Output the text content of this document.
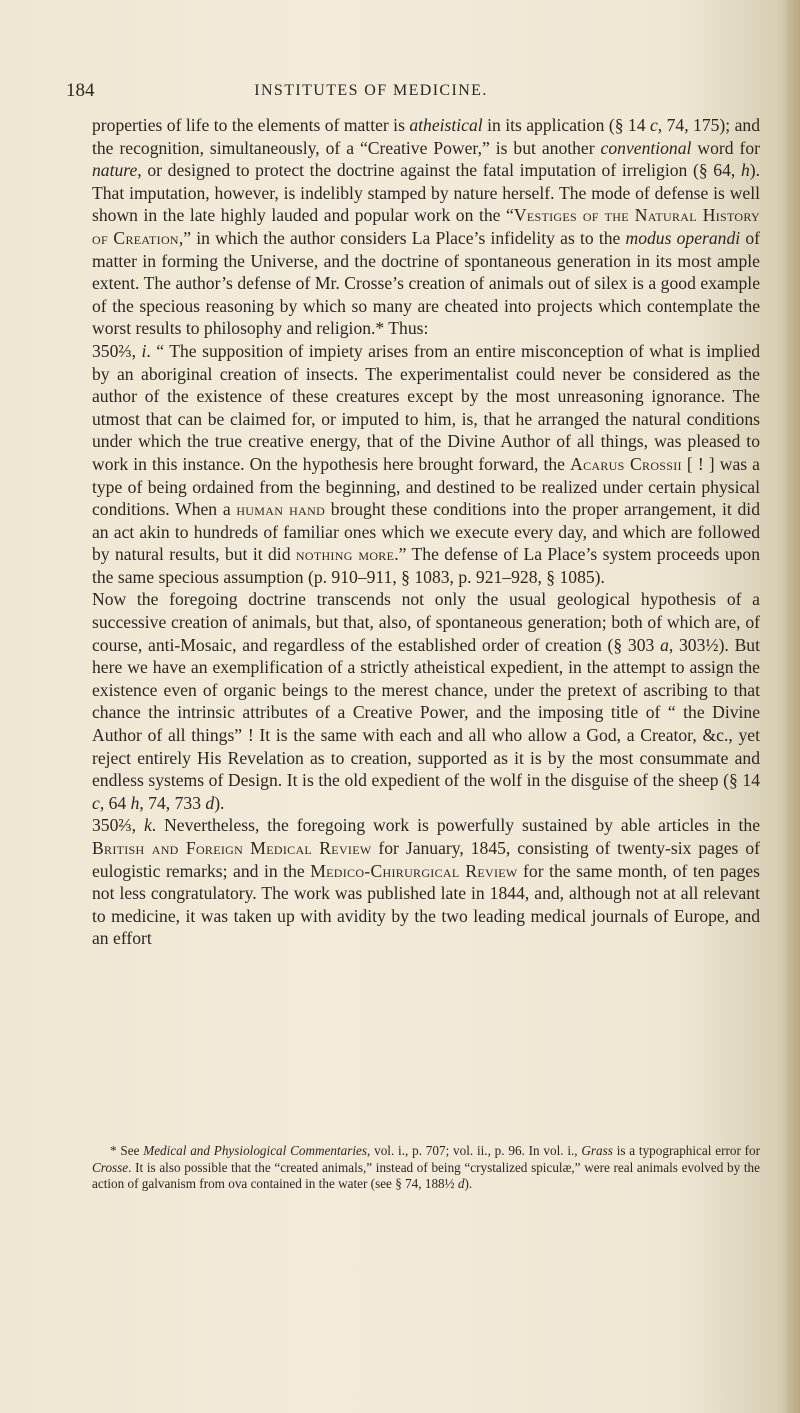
184	INSTITUTES OF MEDICINE.

properties of life to the elements of matter is atheistical in its application (§ 14 c, 74, 175); and the recognition, simultaneously, of a “Creative Power,” is but another conventional word for nature, or designed to protect the doctrine against the fatal imputation of irreligion (§ 64, h). That imputation, however, is indelibly stamped by nature herself. The mode of defense is well shown in the late highly lauded and popular work on the “Vestiges of the Natural History of Creation,” in which the author considers La Place’s infidelity as to the modus operandi of matter in forming the Universe, and the doctrine of spontaneous generation in its most ample extent. The author’s defense of Mr. Crosse’s creation of animals out of silex is a good example of the specious reasoning by which so many are cheated into projects which contemplate the worst results to philosophy and religion.* Thus:

350⅔, i. “ The supposition of impiety arises from an entire misconception of what is implied by an aboriginal creation of insects. The experimentalist could never be considered as the author of the existence of these creatures except by the most unreasoning ignorance. The utmost that can be claimed for, or imputed to him, is, that he arranged the natural conditions under which the true creative energy, that of the Divine Author of all things, was pleased to work in this instance. On the hypothesis here brought forward, the Acarus Crossii [ ! ] was a type of being ordained from the beginning, and destined to be realized under certain physical conditions. When a human hand brought these conditions into the proper arrangement, it did an act akin to hundreds of familiar ones which we execute every day, and which are followed by natural results, but it did nothing more.” The defense of La Place’s system proceeds upon the same specious assumption (p. 910–911, § 1083, p. 921–928, § 1085).

Now the foregoing doctrine transcends not only the usual geological hypothesis of a successive creation of animals, but that, also, of spontaneous generation; both of which are, of course, anti-Mosaic, and regardless of the established order of creation (§ 303 a, 303½). But here we have an exemplification of a strictly atheistical expedient, in the attempt to assign the existence even of organic beings to the merest chance, under the pretext of ascribing to that chance the intrinsic attributes of a Creative Power, and the imposing title of “ the Divine Author of all things” ! It is the same with each and all who allow a God, a Creator, &c., yet reject entirely His Revelation as to creation, supported as it is by the most consummate and endless systems of Design. It is the old expedient of the wolf in the disguise of the sheep (§ 14 c, 64 h, 74, 733 d).

350⅔, k. Nevertheless, the foregoing work is powerfully sustained by able articles in the British and Foreign Medical Review for January, 1845, consisting of twenty-six pages of eulogistic remarks; and in the Medico-Chirurgical Review for the same month, of ten pages not less congratulatory. The work was published late in 1844, and, although not at all relevant to medicine, it was taken up with avidity by the two leading medical journals of Europe, and an effort

* See Medical and Physiological Commentaries, vol. i., p. 707; vol. ii., p. 96. In vol. i., Grass is a typographical error for Crosse. It is also possible that the “created animals,” instead of being “crystalized spiculæ,” were real animals evolved by the action of galvanism from ova contained in the water (see § 74, 188½ d).
